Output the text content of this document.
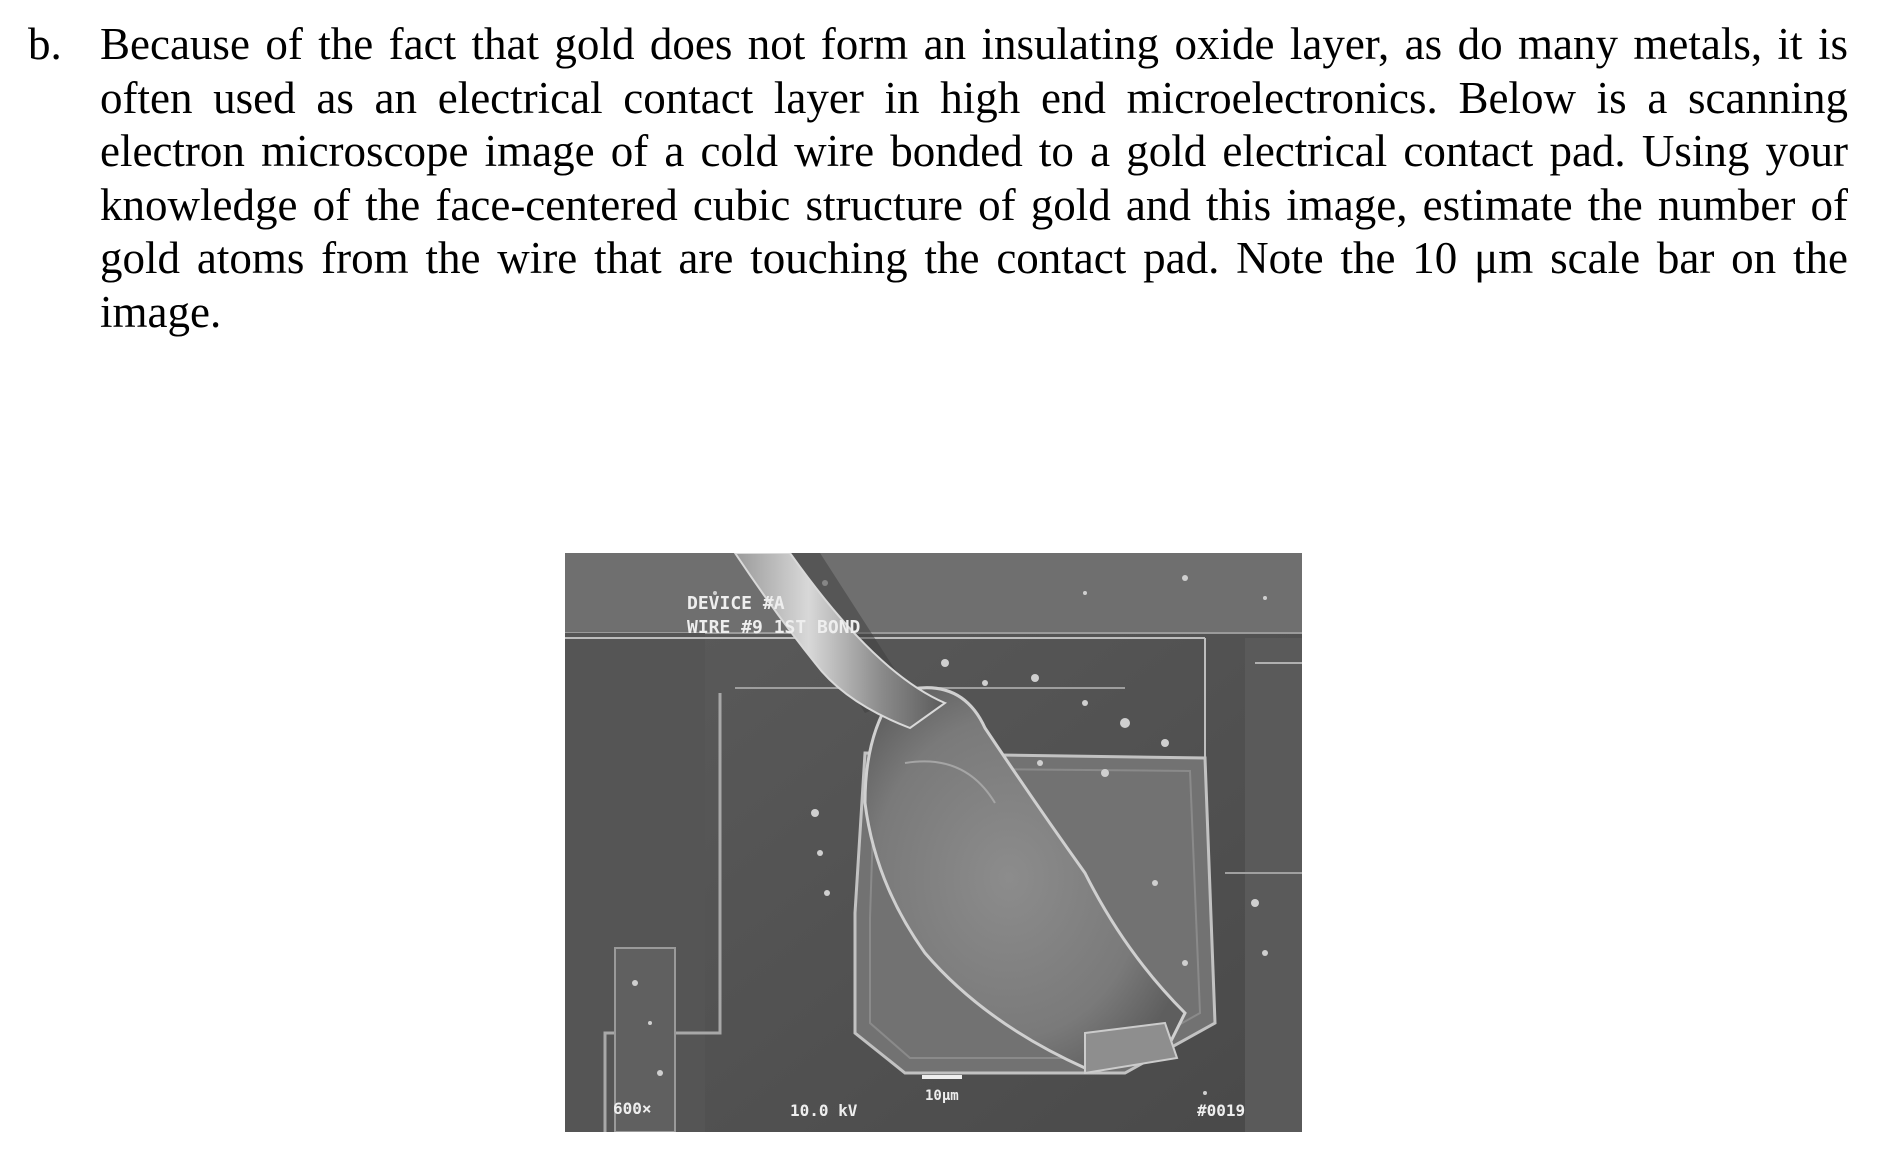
b. Because of the fact that gold does not form an insulating oxide layer, as do many metals, it is often used as an electrical contact layer in high end microelectronics. Below is a scanning electron microscope image of a cold wire bonded to a gold electrical contact pad. Using your knowledge of the face-centered cubic structure of gold and this image, estimate the number of gold atoms from the wire that are touching the contact pad. Note the 10 μm scale bar on the image.
DEVICE #A
WIRE #9 1ST BOND
600×	10.0 kV
10μm
#0019
